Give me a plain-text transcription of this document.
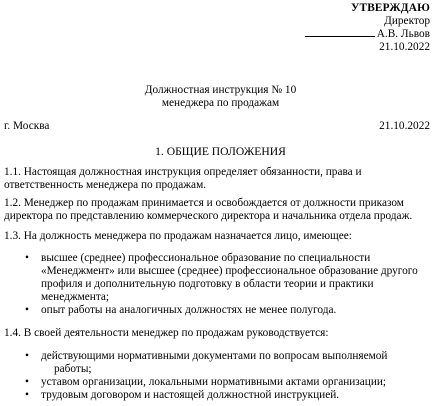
УТВЕРЖДАЮ
Директор
А.В. Львов
21.10.2022
Должностная инструкция № 10
менеджера по продажам
г. Москва	21.10.2022
1. ОБЩИЕ ПОЛОЖЕНИЯ
1.1. Настоящая должностная инструкция определяет обязанности, права и
ответственность менеджера по продажам.
1.2. Менеджер по продажам принимается и освобождается от должности приказом
директора по представлению коммерческого директора и начальника отдела продаж.
1.3. На должность менеджера по продажам назначается лицо, имеющее:
• высшее (среднее) профессиональное образование по специальности
«Менеджмент» или высшее (среднее) профессиональное образование другого
профиля и дополнительную подготовку в области теории и практики
менеджмента;
• опыт работы на аналогичных должностях не менее полугода.
1.4. В своей деятельности менеджер по продажам руководствуется:
• действующими нормативными документами по вопросам выполняемой
работы;
• уставом организации, локальными нормативными актами организации;
• трудовым договором и настоящей должностной инструкцией.
